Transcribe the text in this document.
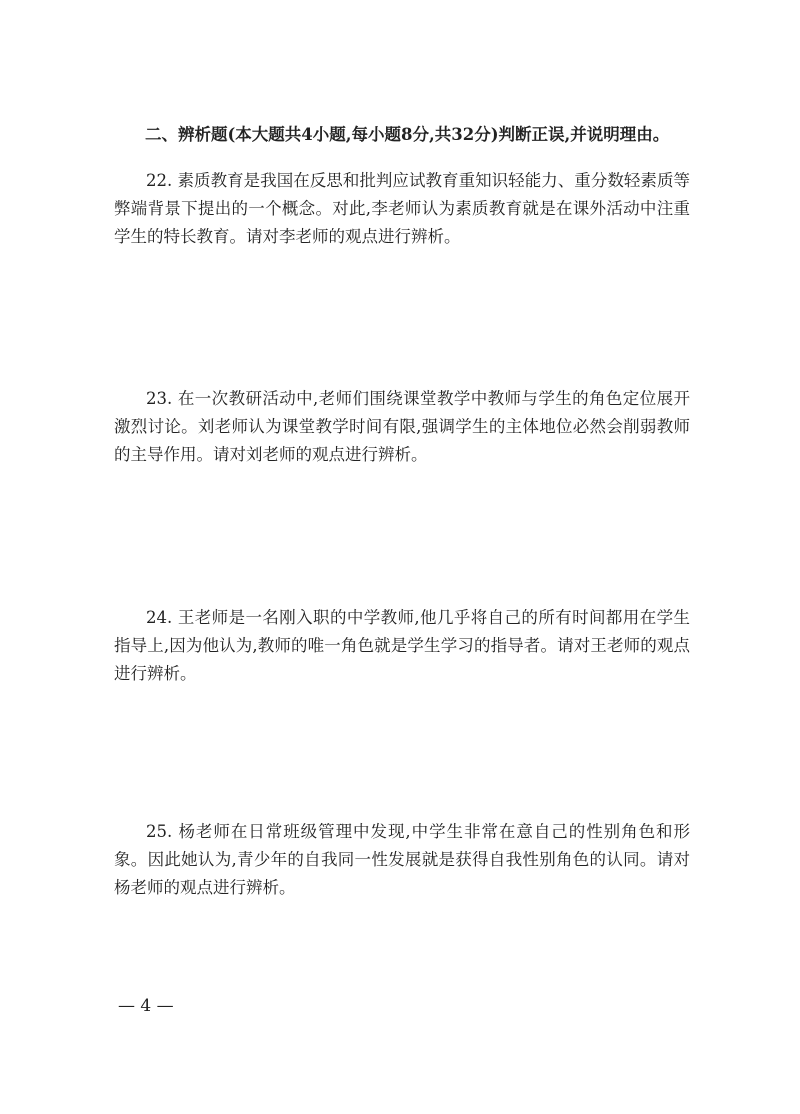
二、辨析题(本大题共4小题,每小题8分,共32分)判断正误,并说明理由。

22. 素质教育是我国在反思和批判应试教育重知识轻能力、重分数轻素质等弊端背景下提出的一个概念。对此,李老师认为素质教育就是在课外活动中注重学生的特长教育。请对李老师的观点进行辨析。

23. 在一次教研活动中,老师们围绕课堂教学中教师与学生的角色定位展开激烈讨论。刘老师认为课堂教学时间有限,强调学生的主体地位必然会削弱教师的主导作用。请对刘老师的观点进行辨析。

24. 王老师是一名刚入职的中学教师,他几乎将自己的所有时间都用在学生指导上,因为他认为,教师的唯一角色就是学生学习的指导者。请对王老师的观点进行辨析。

25. 杨老师在日常班级管理中发现,中学生非常在意自己的性别角色和形象。因此她认为,青少年的自我同一性发展就是获得自我性别角色的认同。请对杨老师的观点进行辨析。

— 4 —
